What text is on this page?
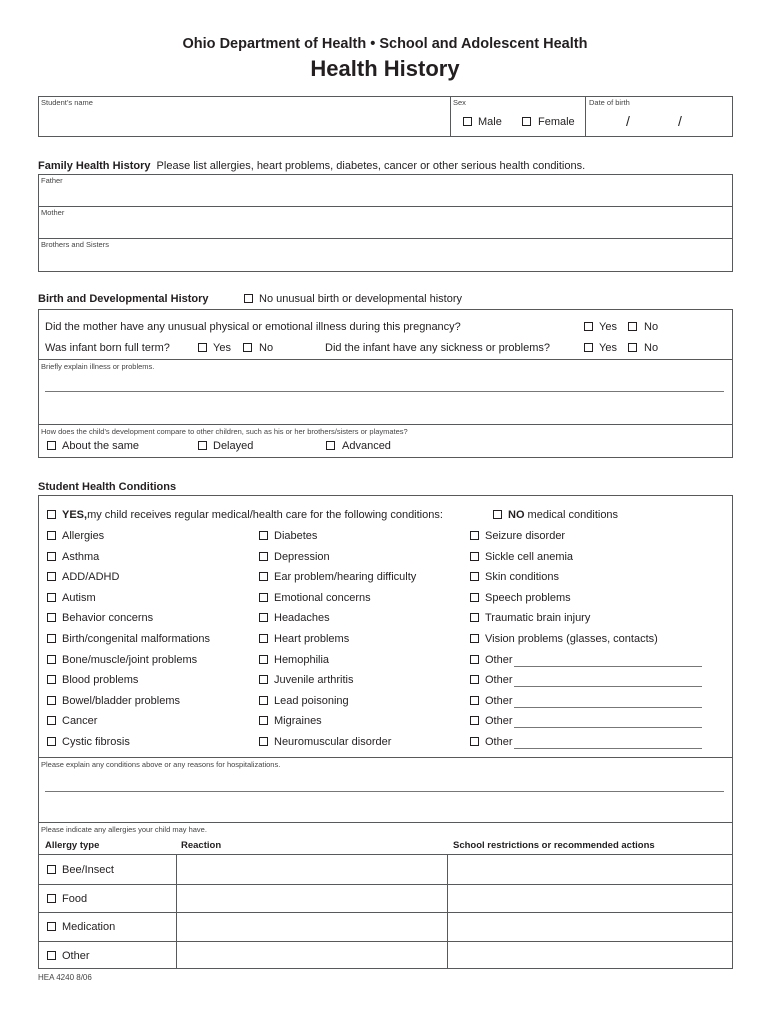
Ohio Department of Health • School and Adolescent Health
Health History
Student’s name	Sex
Male	Female
Date of birth
/	/
Family Health History Please list allergies, heart problems, diabetes, cancer or other serious health conditions.
Father
Mother
Brothers and Sisters
Birth and Developmental History	No unusual birth or developmental history
Did the mother have any unusual physical or emotional illness during this pregnancy?	Yes No
Was infant born full term?	Yes	No	Did the infant have any sickness or problems?	Yes No
Briefly explain illness or problems.
How does the child’s development compare to other children, such as his or her brothers/sisters or playmates?
About the same	Delayed	Advanced
Student Health Conditions
YES,my child receives regular medical/health care for the following conditions:	NO medical conditions
Allergies
Asthma
ADD/ADHD
Autism
Behavior concerns
Birth/congenital malformations
Bone/muscle/joint problems
Blood problems
Bowel/bladder problems
Cancer
Cystic fibrosis
Diabetes
Depression
Ear problem/hearing difficulty
Emotional concerns
Headaches
Heart problems
Hemophilia
Juvenile arthritis
Lead poisoning
Migraines
Neuromuscular disorder
Seizure disorder
Sickle cell anemia
Skin conditions
Speech problems
Traumatic brain injury
Vision problems (glasses, contacts)
Other
Other
Other
Other
Other
Please explain any conditions above or any reasons for hospitalizations.
Please indicate any allergies your child may have.
Allergy type	Reaction	School restrictions or recommended actions
Bee/Insect
Food
Medication
Other
HEA 4240 8/06
